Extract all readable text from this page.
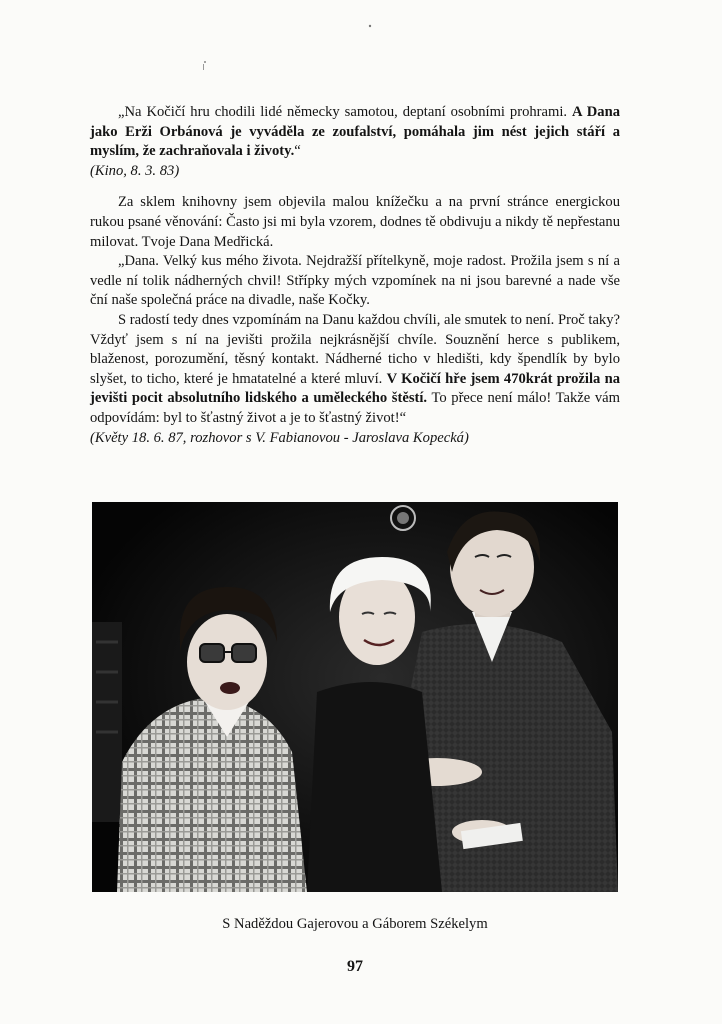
„Na Kočičí hru chodili lidé německy samotou, deptaní osobními prohrami. A Dana jako Erži Orbánová je vyváděla ze zoufalství, pomáhala jim nést jejich stáří a myslím, že zachraňovala i životy.“

(Kino, 8. 3. 83)

Za sklem knihovny jsem objevila malou knížečku a na první stránce energickou rukou psané věnování: Často jsi mi byla vzorem, dodnes tě obdivuju a nikdy tě nepřestanu milovat. Tvoje Dana Medřická.

„Dana. Velký kus mého života. Nejdražší přítelkyně, moje radost. Prožila jsem s ní a vedle ní tolik nádherných chvil! Střípky mých vzpomínek na ni jsou barevné a nade vše ční naše společná práce na divadle, naše Kočky.

S radostí tedy dnes vzpomínám na Danu každou chvíli, ale smutek to není. Proč taky? Vždyť jsem s ní na jevišti prožila nejkrásnější chvíle. Souznění herce s publikem, blaženost, porozumění, těsný kontakt. Nádherné ticho v hledišti, kdy špendlík by bylo slyšet, to ticho, které je hmatatelné a které mluví. V Kočičí hře jsem 470krát prožila na jevišti pocit absolutního lidského a uměleckého štěstí. To přece není málo! Takže vám odpovídám: byl to šťastný život a je to šťastný život!“

(Květy 18. 6. 87, rozhovor s V. Fabianovou - Jaroslava Kopecká)

S Naděždou Gajerovou a Gáborem Székelym
97
